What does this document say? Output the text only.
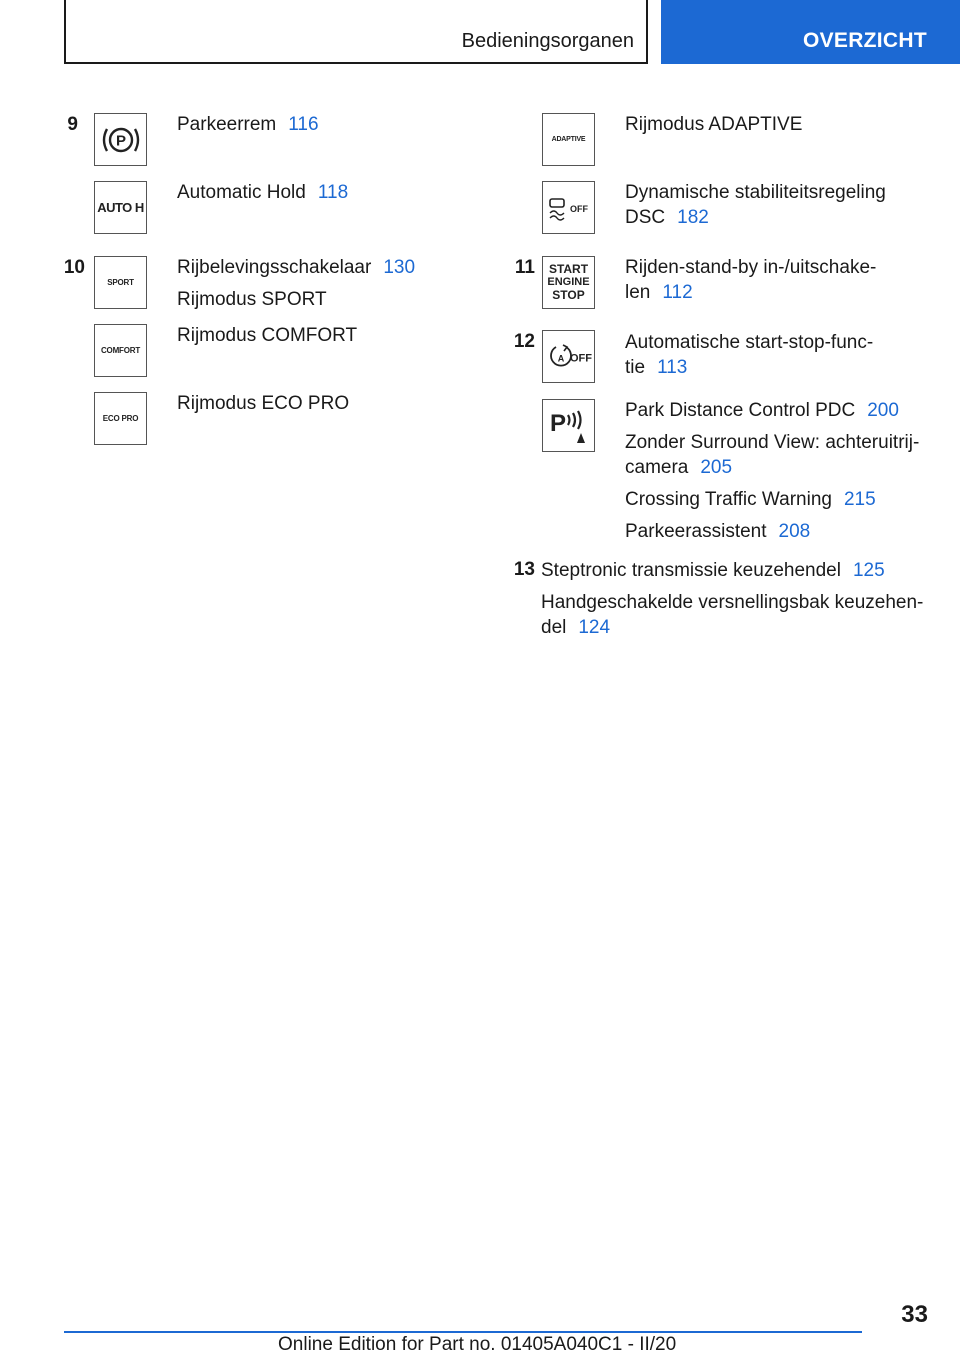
Bedieningsorganen	OVERZICHT
9
P
Parkeerrem 116
AUTO H
Automatic Hold 118
10
SPORT
Rijbelevingsschakelaar 130
Rijmodus SPORT
COMFORT
Rijmodus COMFORT
ECO PRO
Rijmodus ECO PRO
ADAPTIVE
Rijmodus ADAPTIVE
OFF
Dynamische stabiliteitsregeling
DSC 182
11 START
ENGINE
STOP
Rijden-stand-by in-/uitschake-
len 112
12
A OFF
Automatische start-stop-func-
tie 113
P	Park Distance Control PDC 200
Zonder Surround View: achteruitrij-
camera 205
Crossing Traffic Warning 215
Parkeerassistent 208
13 Steptronic transmissie keuzehendel 125
Handgeschakelde versnellingsbak keuzehen-
del 124
33
Online Edition for Part no. 01405A040C1 - II/20
